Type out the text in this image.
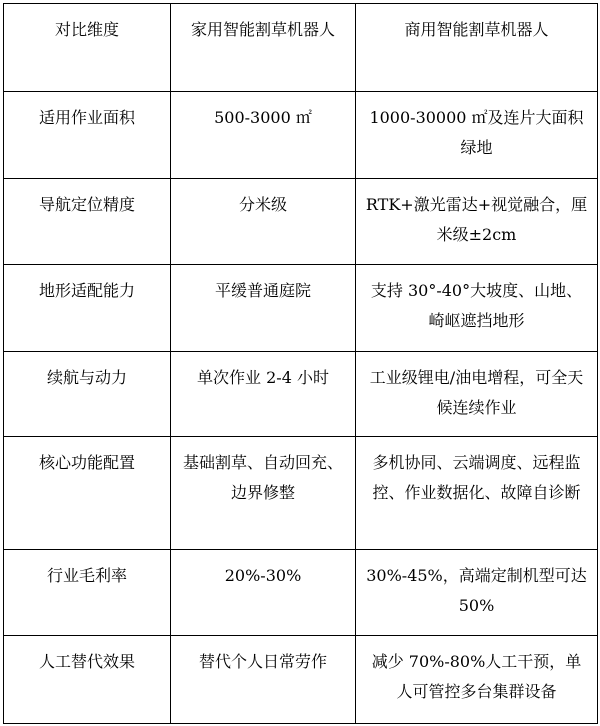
对比维度	家用智能割草机器人	商用智能割草机器人
适用作业面积	500-3000 ㎡	1000-30000 ㎡及连片大面积绿地
导航定位精度	分米级	RTK+激光雷达+视觉融合，厘米级±2cm
地形适配能力	平缓普通庭院	支持 30°-40°大坡度、山地、崎岖遮挡地形
续航与动力	单次作业 2-4 小时	工业级锂电/油电增程，可全天候连续作业
核心功能配置	基础割草、自动回充、边界修整	多机协同、云端调度、远程监控、作业数据化、故障自诊断
行业毛利率	20%-30%	30%-45%，高端定制机型可达 50%
人工替代效果	替代个人日常劳作	减少 70%-80%人工干预，单人可管控多台集群设备
